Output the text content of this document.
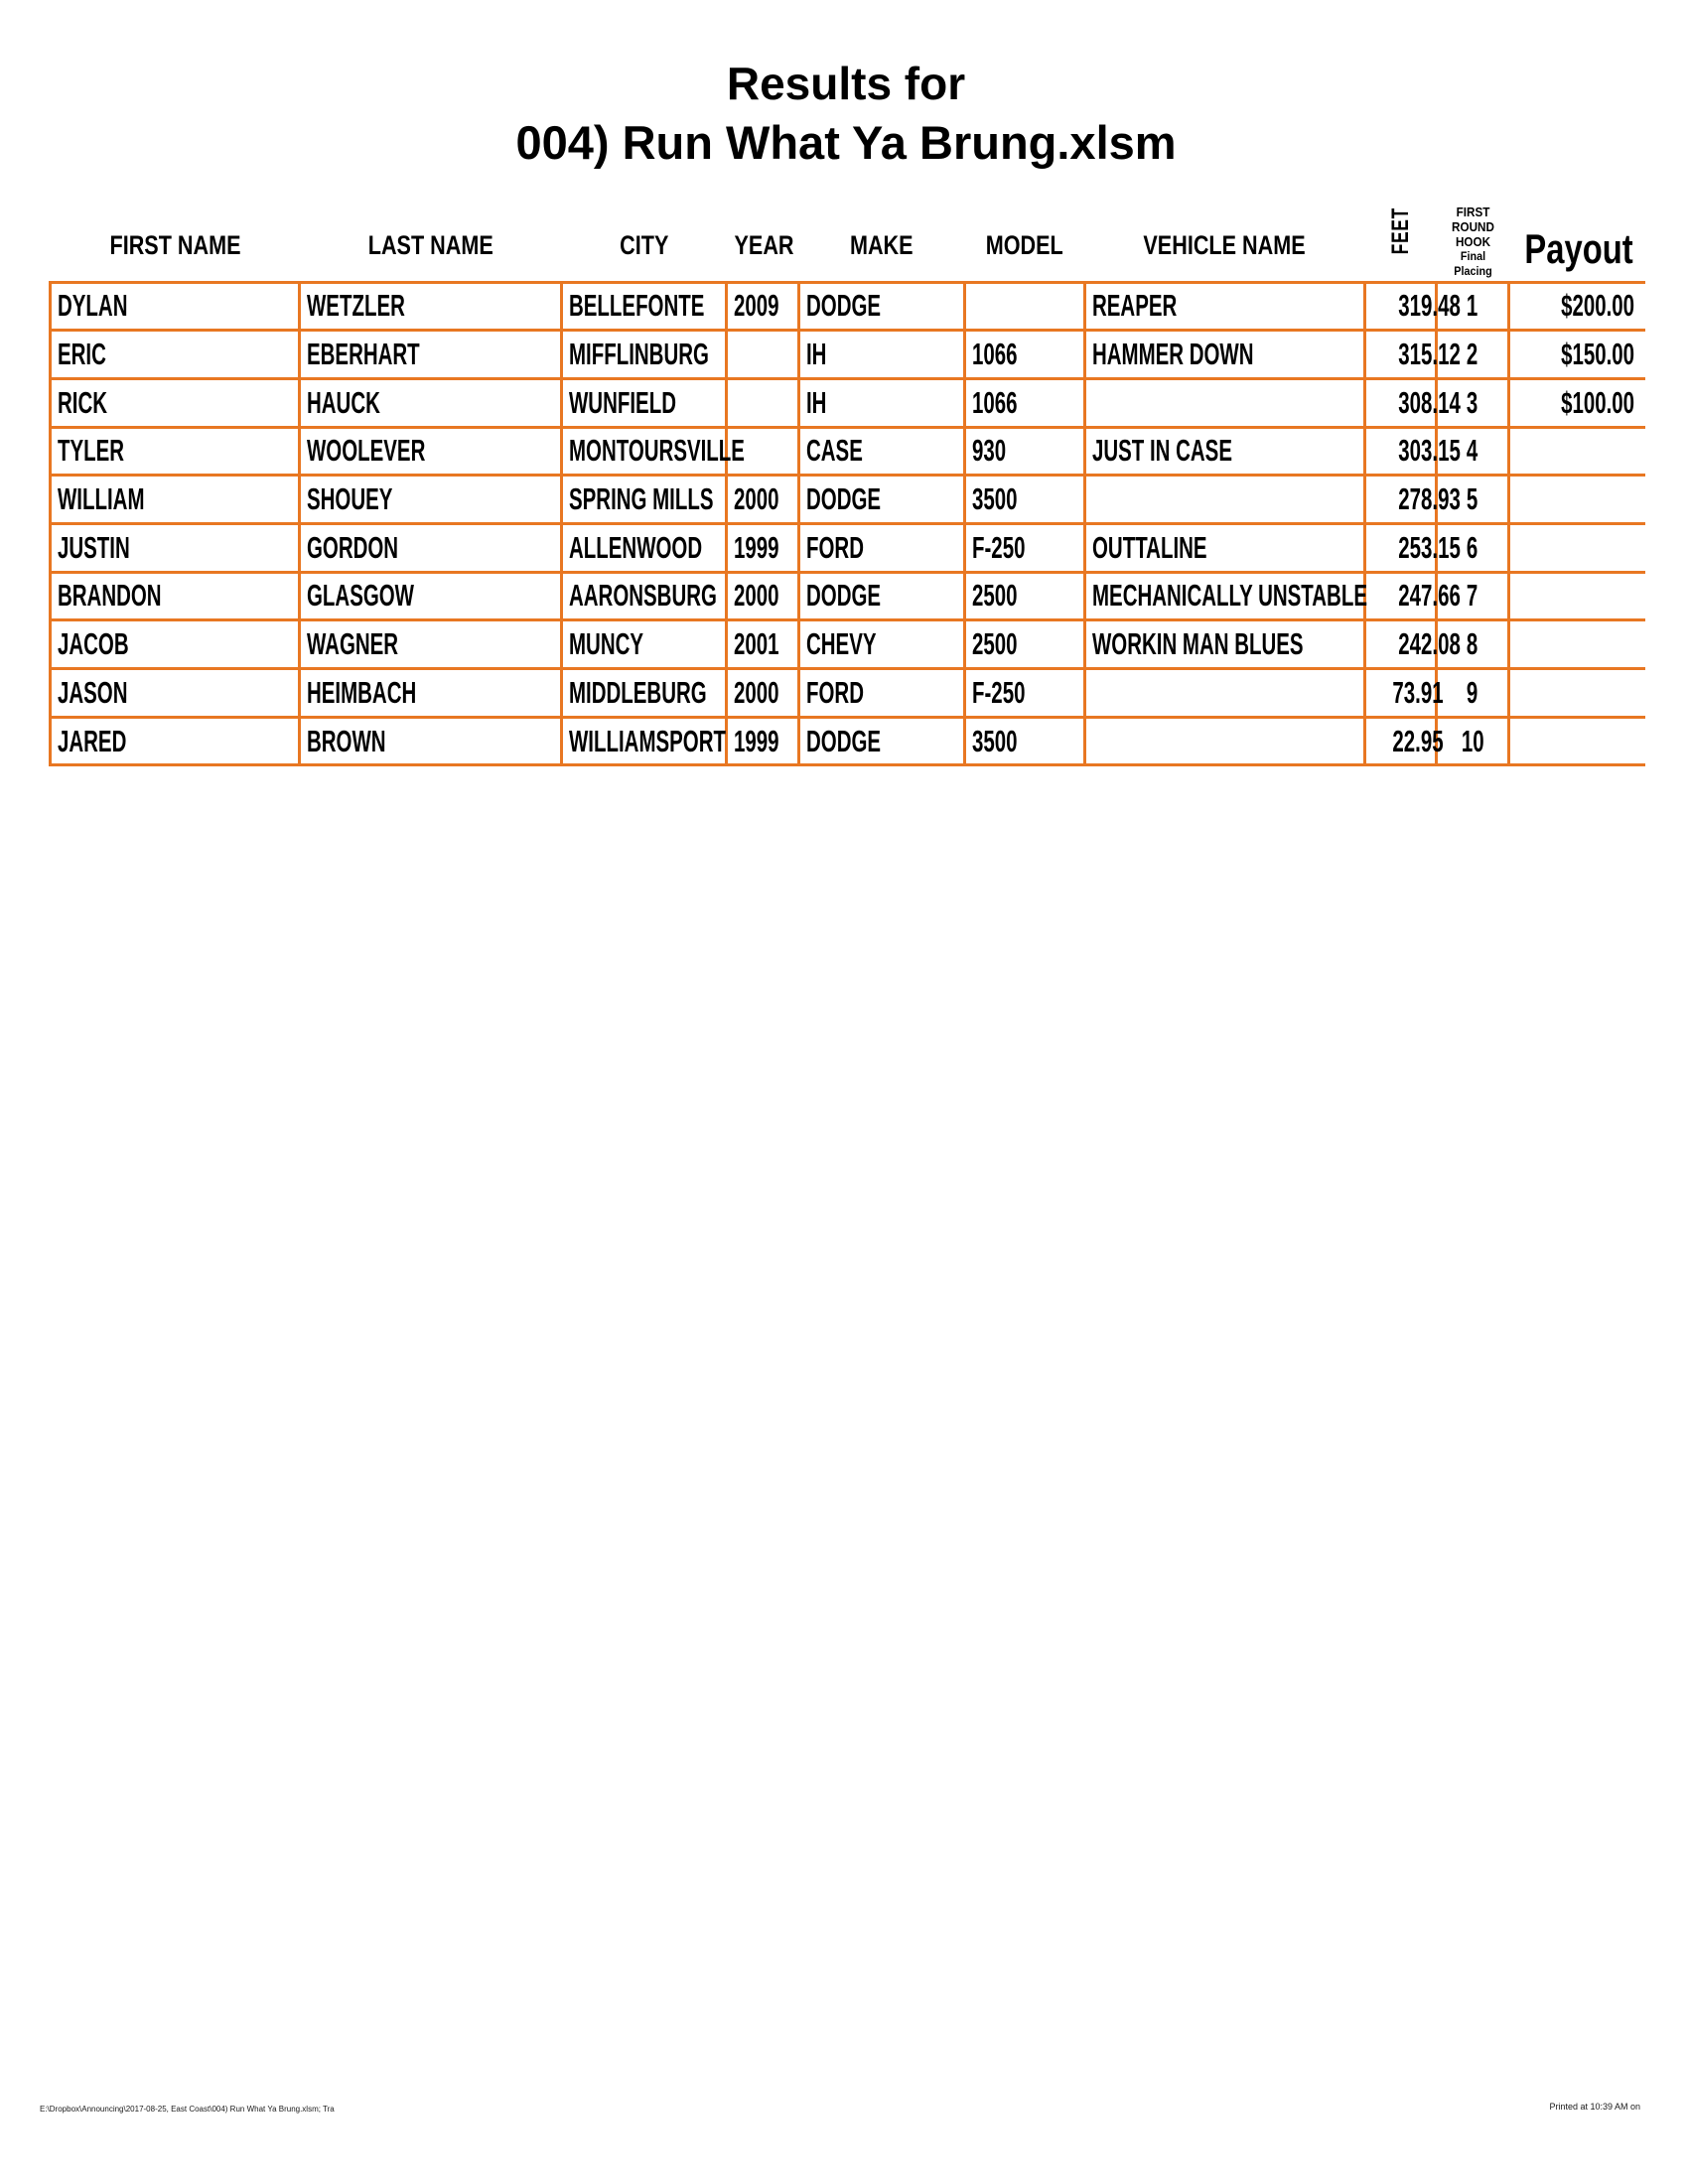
Results for
004) Run What Ya Brung.xlsm
FIRST NAME	LAST NAME	CITY	YEAR	MAKE	MODEL	VEHICLE NAME	FEET	FIRST
ROUND
HOOK
Final
Placing	Payout
DYLAN	WETZLER	BELLEFONTE	2009	DODGE		REAPER	319.48	1	$200.00
ERIC	EBERHART	MIFFLINBURG		IH	1066	HAMMER DOWN	315.12	2	$150.00
RICK	HAUCK	WUNFIELD		IH	1066		308.14	3	$100.00
TYLER	WOOLEVER	MONTOURSVILLE		CASE	930	JUST IN CASE	303.15	4	
WILLIAM	SHOUEY	SPRING MILLS	2000	DODGE	3500		278.93	5	
JUSTIN	GORDON	ALLENWOOD	1999	FORD	F-250	OUTTALINE	253.15	6	
BRANDON	GLASGOW	AARONSBURG	2000	DODGE	2500	MECHANICALLY UNSTABLE	247.66	7	
JACOB	WAGNER	MUNCY	2001	CHEVY	2500	WORKIN MAN BLUES	242.08	8	
JASON	HEIMBACH	MIDDLEBURG	2000	FORD	F-250		73.91	9	
JARED	BROWN	WILLIAMSPORT	1999	DODGE	3500		22.95	10	
E:\Dropbox\Announcing\2017-08-25, East Coast\004) Run What Ya Brung.xlsm; Tra	Printed at 10:39 AM on
